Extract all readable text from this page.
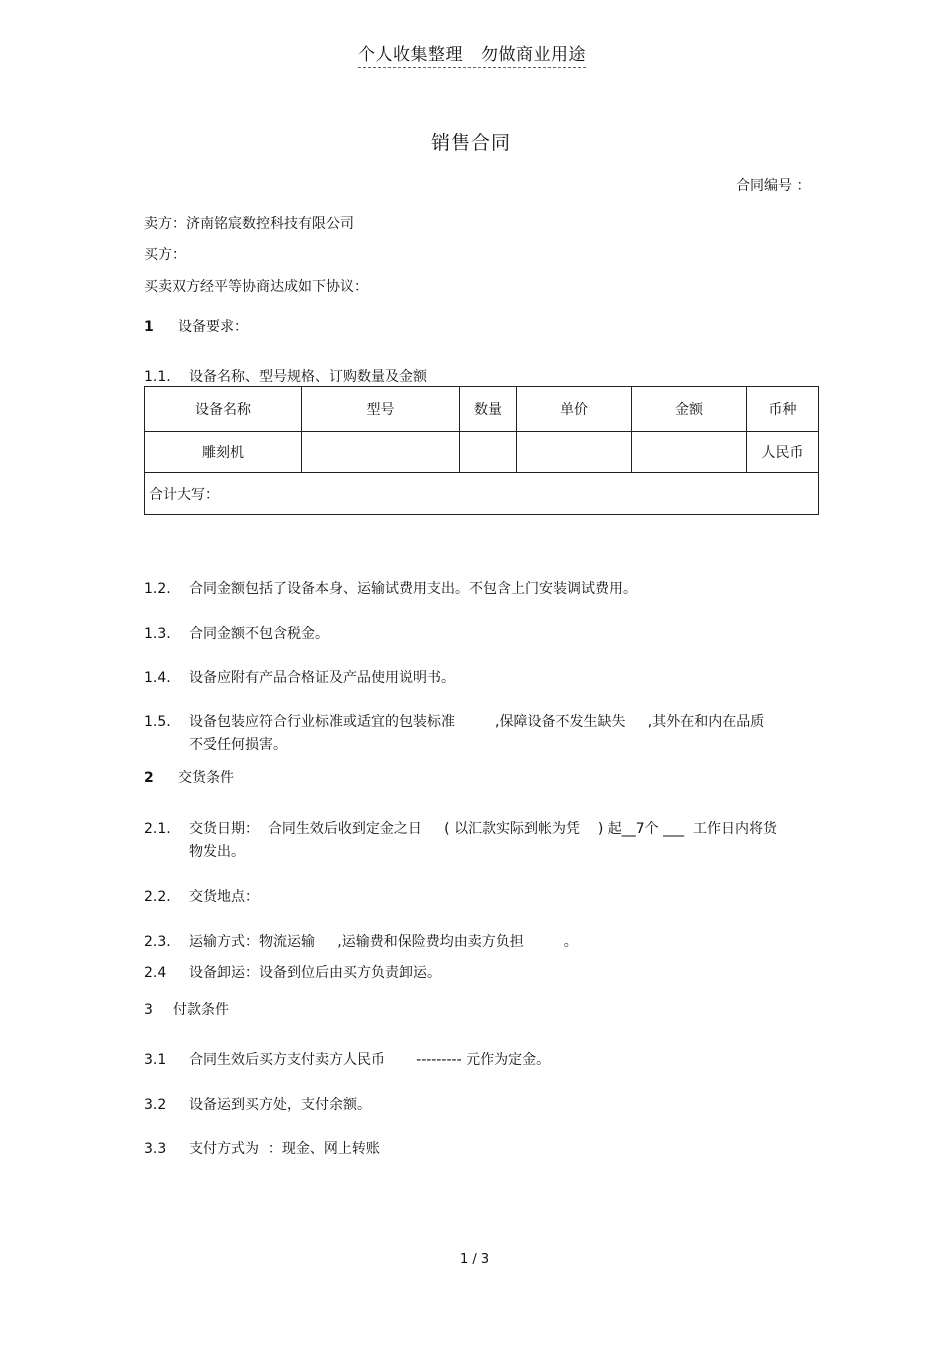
个人收集整理 勿做商业用途
销售合同
合同编号 ：
卖方：济南铭宸数控科技有限公司
买方：
买卖双方经平等协商达成如下协议：
1 设备要求：
1.1. 设备名称、型号规格、订购数量及金额
设备名称	型号	数量	单价	金额	币种
雕刻机					人民币
合计大写：					
1.2. 合同金额包括了设备本身、运输试费用支出。不包含上门安装调试费用。
1.3. 合同金额不包含税金。
1.4. 设备应附有产品合格证及产品使用说明书。
1.5. 设备包装应符合行业标准或适宜的包装标准         ,保障设备不发生缺失     ,其外在和内在品质
不受任何损害。
2 交货条件
2.1. 交货日期：  合同生效后收到定金之日     ( 以汇款实际到帐为凭    ) 起__7个 ___  工作日内将货
物发出。
2.2. 交货地点：
2.3. 运输方式：物流运输     ,运输费和保险费均由卖方负担         。
2.4 设备卸运：设备到位后由买方负责卸运。
3 付款条件
3.1 合同生效后买方支付卖方人民币       --------- 元作为定金。
3.2 设备运到买方处，支付余额。
3.3 支付方式为  ：现金、网上转账
1 / 3
